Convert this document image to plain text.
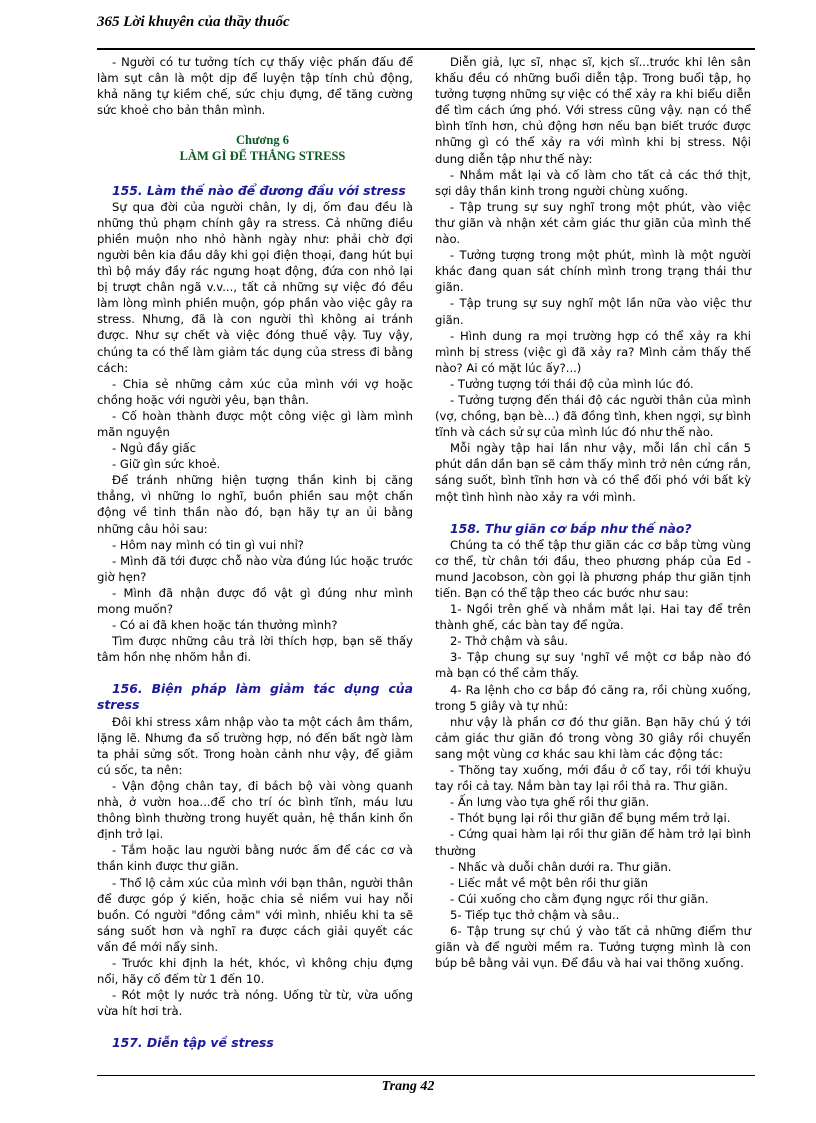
365 Lời khuyên của thầy thuốc

- Người có tư tưởng tích cự thấy việc phấn đấu để làm sụt cân là một dịp để luyện tập tính chủ động, khả năng tự kiềm chế, sức chịu đựng, để tăng cường sức khoẻ cho bản thân mình.

Chương 6

LÀM GÌ ĐỂ THẮNG STRESS

155. Làm thế nào để đương đầu với stress

Sự qua đời của người chân, ly dị, ốm đau đều là những thủ phạm chính gây ra stress. Cả những điều phiền muộn nho nhỏ hành ngày như: phải chờ đợi người bên kia đầu dây khi gọi điện thoại, đang hút bụi thì bộ máy đầy rác ngưng hoạt động, đứa con nhỏ lại bị trượt chân ngã v.v..., tất cả những sự việc đó đều làm lòng mình phiền muộn, góp phần vào việc gây ra stress. Nhưng, đã là con người thì không ai tránh được. Như sự chết và việc đóng thuế vậy. Tuy vậy, chúng ta có thể làm giảm tác dụng của stress đi bằng cách:

- Chia sẻ những cảm xúc của mình với vợ hoặc chồng hoặc với người yêu, bạn thân.

- Cố hoàn thành được một công việc gì làm mình mãn nguyện

- Ngủ đầy giấc

- Giữ gìn sức khoẻ.

Để tránh những hiện tượng thần kinh bị căng thẳng, vì những lo nghĩ, buồn phiền sau một chấn động về tinh thần nào đó, bạn hãy tự an ủi bằng những câu hỏi sau:

- Hôm nay mình có tin gì vui nhỉ?

- Mình đã tới được chỗ nào vừa đúng lúc hoặc trước giờ hẹn?

- Mình đã nhận được đồ vật gì đúng như mình mong muốn?

- Có ai đã khen hoặc tán thưởng mình?

Tìm được những câu trả lời thích hợp, bạn sẽ thấy tâm hồn nhẹ nhõm hẳn đi.

156. Biện pháp làm giảm tác dụng của stress

Đôi khi stress xâm nhập vào ta một cách âm thầm, lặng lẽ. Nhưng đa số trường hợp, nó đến bất ngờ làm ta phải sửng sốt. Trong hoàn cảnh như vậy, để giảm cú sốc, ta nên:

- Vận động chân tay, đi bách bộ vài vòng quanh nhà, ở vườn hoa...để cho trí óc bình tĩnh, máu lưu thông bình thường trong huyết quản, hệ thần kinh ổn định trở lại.

- Tắm hoặc lau người bằng nước ấm để các cơ và thần kinh được thư giãn.

- Thổ lộ cảm xúc của mình với bạn thân, người thân để được góp ý kiến, hoặc chia sẻ niềm vui hay nỗi buồn. Có người "đồng cảm" với mình, nhiều khi ta sẽ sáng suốt hơn và nghĩ ra được cách giải quyết các vấn đề mới nẩy sinh.

- Trước khi định la hét, khóc, vì không chịu đựng nổi, hãy cố đếm từ 1 đến 10.

- Rót một ly nước trà nóng. Uống từ từ, vừa uống vừa hít hơi trà.

157. Diễn tập về stress

Diễn giả, lực sĩ, nhạc sĩ, kịch sĩ...trước khi lên sân khấu đều có những buổi diễn tập. Trong buổi tập, họ tưởng tượng những sự việc có thể xảy ra khi biểu diễn để tìm cách ứng phó. Với stress cũng vậy. nạn có thể bình tĩnh hơn, chủ động hơn nếu bạn biết trước được những gì có thể xảy ra với mình khi bị stress. Nội dung diễn tập như thế này:

- Nhắm mắt lại và cố làm cho tất cả các thớ thịt, sợi dây thần kinh trong người chùng xuống.

- Tập trung sự suy nghĩ trong một phút, vào việc thư giãn và nhận xét cảm giác thư giãn của mình thế nào.

- Tưởng tượng trong một phút, mình là một người khác đang quan sát chính mình trong trạng thái thư giãn.

- Tập trung sự suy nghĩ một lần nữa vào việc thư giãn.

- Hình dung ra mọi trường hợp có thể xảy ra khi mình bị stress (việc gì đã xảy ra? Mình cảm thấy thế nào? Ai có mặt lúc ấy?...)

- Tưởng tượng tới thái độ của mình lúc đó.

- Tưởng tượng đến thái độ các người thân của mình (vợ, chồng, bạn bè...) đã đồng tình, khen ngợi, sự bình tĩnh và cách sử sự của mình lúc đó như thế nào.

Mỗi ngày tập hai lần như vậy, mỗi lần chỉ cần 5 phút dần dần bạn sẽ cảm thấy mình trở nên cứng rắn, sáng suốt, bình tĩnh hơn và có thể đối phó với bất kỳ một tình hình nào xảy ra với mình.

158. Thư giãn cơ bắp như thế nào?

Chúng ta có thể tập thư giãn các cơ bắp từng vùng cơ thể, từ chân tới đầu, theo phương pháp của Ed - mund Jacobson, còn gọi là phương pháp thư giãn tịnh tiến. Bạn có thể tập theo các bước như sau:

1- Ngồi trên ghế và nhắm mắt lại. Hai tay để trên thành ghế, các bàn tay để ngửa.

2- Thở chậm và sâu.

3- Tập chung sự suy 'nghĩ về một cơ bắp nào đó mà bạn có thể cảm thấy.

4- Ra lệnh cho cơ bắp đó căng ra, rồi chùng xuống, trong 5 giây và tự nhủ:

như vậy là phần cơ đó thư giãn. Bạn hãy chú ý tới cảm giác thư giãn đó trong vòng 30 giây rồi chuyển sang một vùng cơ khác sau khi làm các động tác:

- Thõng tay xuống, mới đầu ở cổ tay, rồi tới khuỷu tay rồi cả tay. Nắm bàn tay lại rồi thả ra. Thư giãn.

- Ấn lưng vào tựa ghế rồi thư giãn.

- Thót bụng lại rồi thư giãn để bụng mềm trở lại.

- Cứng quai hàm lại rồi thư giãn để hàm trở lại bình thường

- Nhấc và duỗi chân dưới ra. Thư giãn.

- Liếc mắt về một bên rồi thư giãn

- Cúi xuống cho cằm đụng ngực rồi thư giãn.

5- Tiếp tục thở chậm và sâu..

6- Tập trung sự chú ý vào tất cả những điểm thư giãn và để người mềm ra. Tưởng tượng mình là con búp bê bằng vải vụn. Để đầu và hai vai thõng xuống.

Trang 42
